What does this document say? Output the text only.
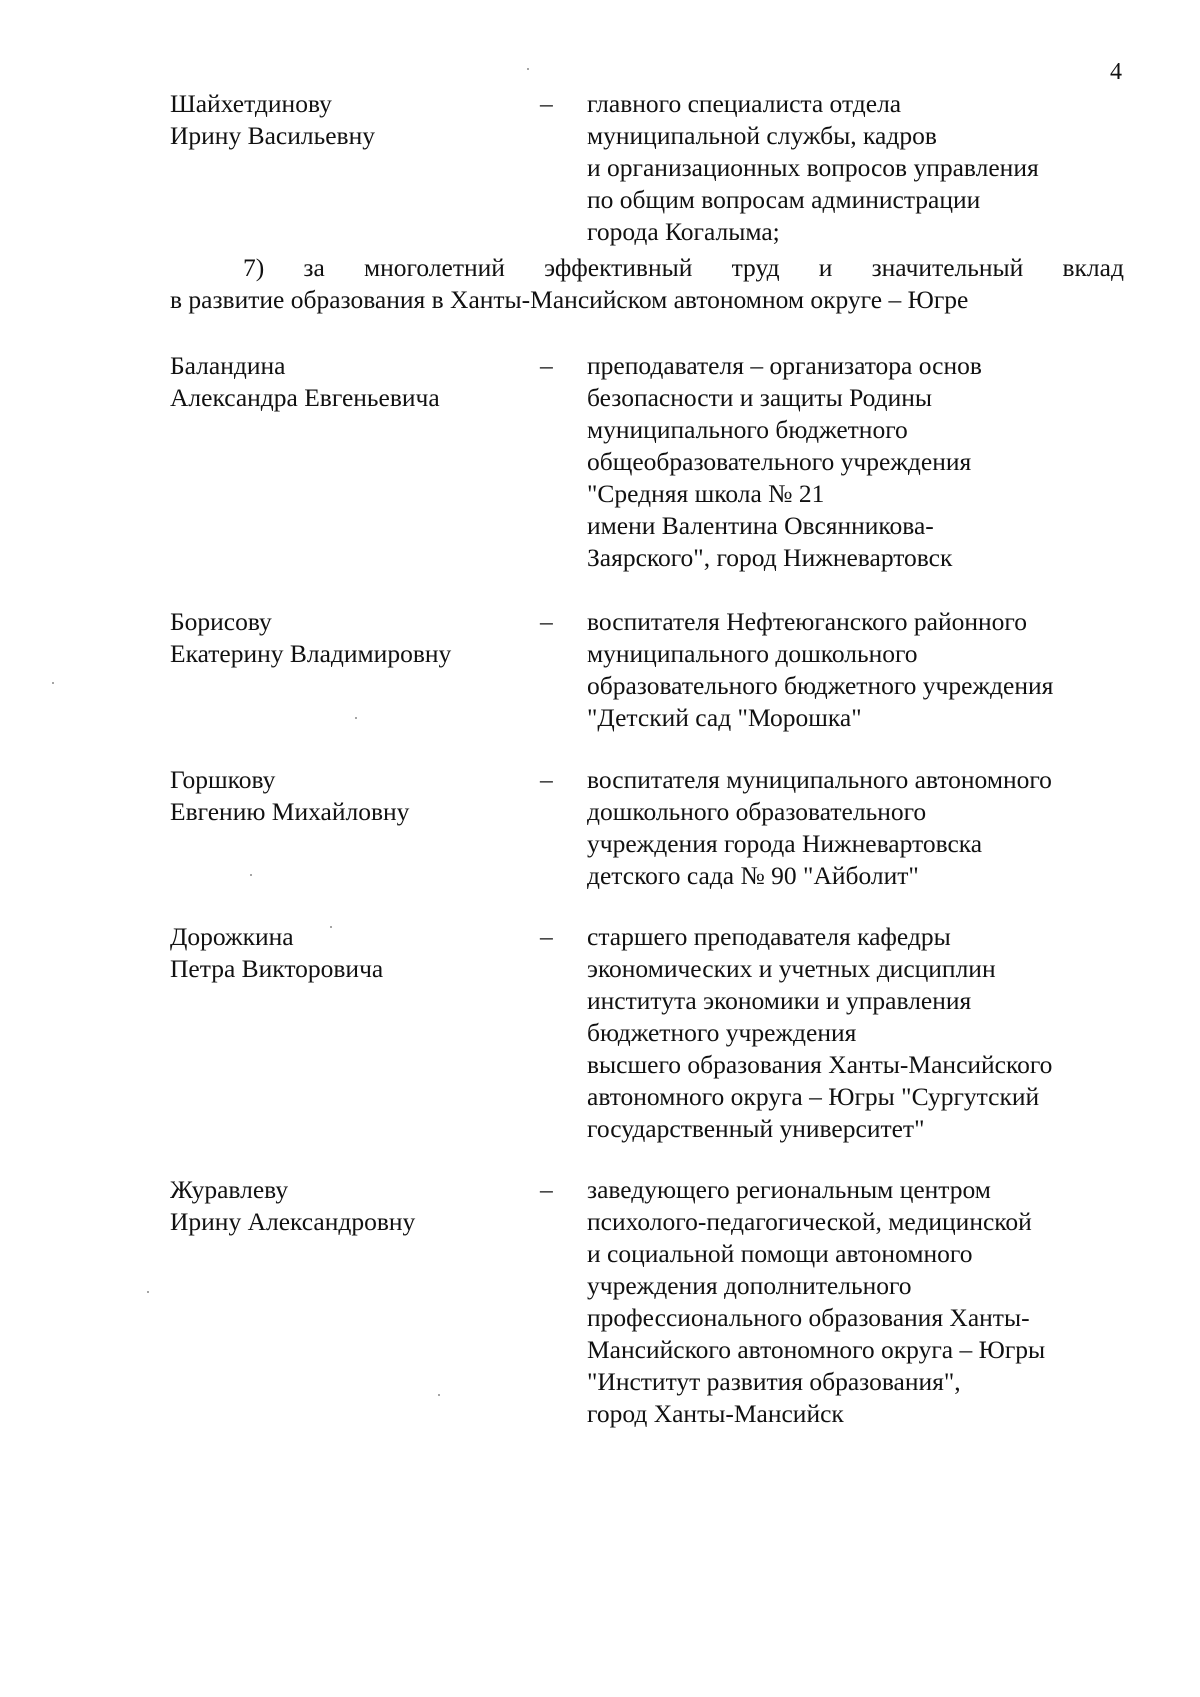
4
Шайхетдинову
Ирину Васильевну
– главного специалиста отдела
муниципальной службы, кадров
и организационных вопросов управления
по общим вопросам администрации
города Когалыма;
7) за многолетний эффективный труд и значительный вклад
в развитие образования в Ханты-Мансийском автономном округе – Югре
Баландина
Александра Евгеньевича
– преподавателя – организатора основ
безопасности и защиты Родины
муниципального бюджетного
общеобразовательного учреждения
"Средняя школа № 21
имени Валентина Овсянникова-
Заярского", город Нижневартовск
Борисову
Екатерину Владимировну
– воспитателя Нефтеюганского районного
муниципального дошкольного
образовательного бюджетного учреждения
"Детский сад "Морошка"
Горшкову
Евгению Михайловну
– воспитателя муниципального автономного
дошкольного образовательного
учреждения города Нижневартовска
детского сада № 90 "Айболит"
Дорожкина
Петра Викторовича
– старшего преподавателя кафедры
экономических и учетных дисциплин
института экономики и управления
бюджетного учреждения
высшего образования Ханты-Мансийского
автономного округа – Югры "Сургутский
государственный университет"
Журавлеву
Ирину Александровну
– заведующего региональным центром
психолого-педагогической, медицинской
и социальной помощи автономного
учреждения дополнительного
профессионального образования Ханты-
Мансийского автономного округа – Югры
"Институт развития образования",
город Ханты-Мансийск
